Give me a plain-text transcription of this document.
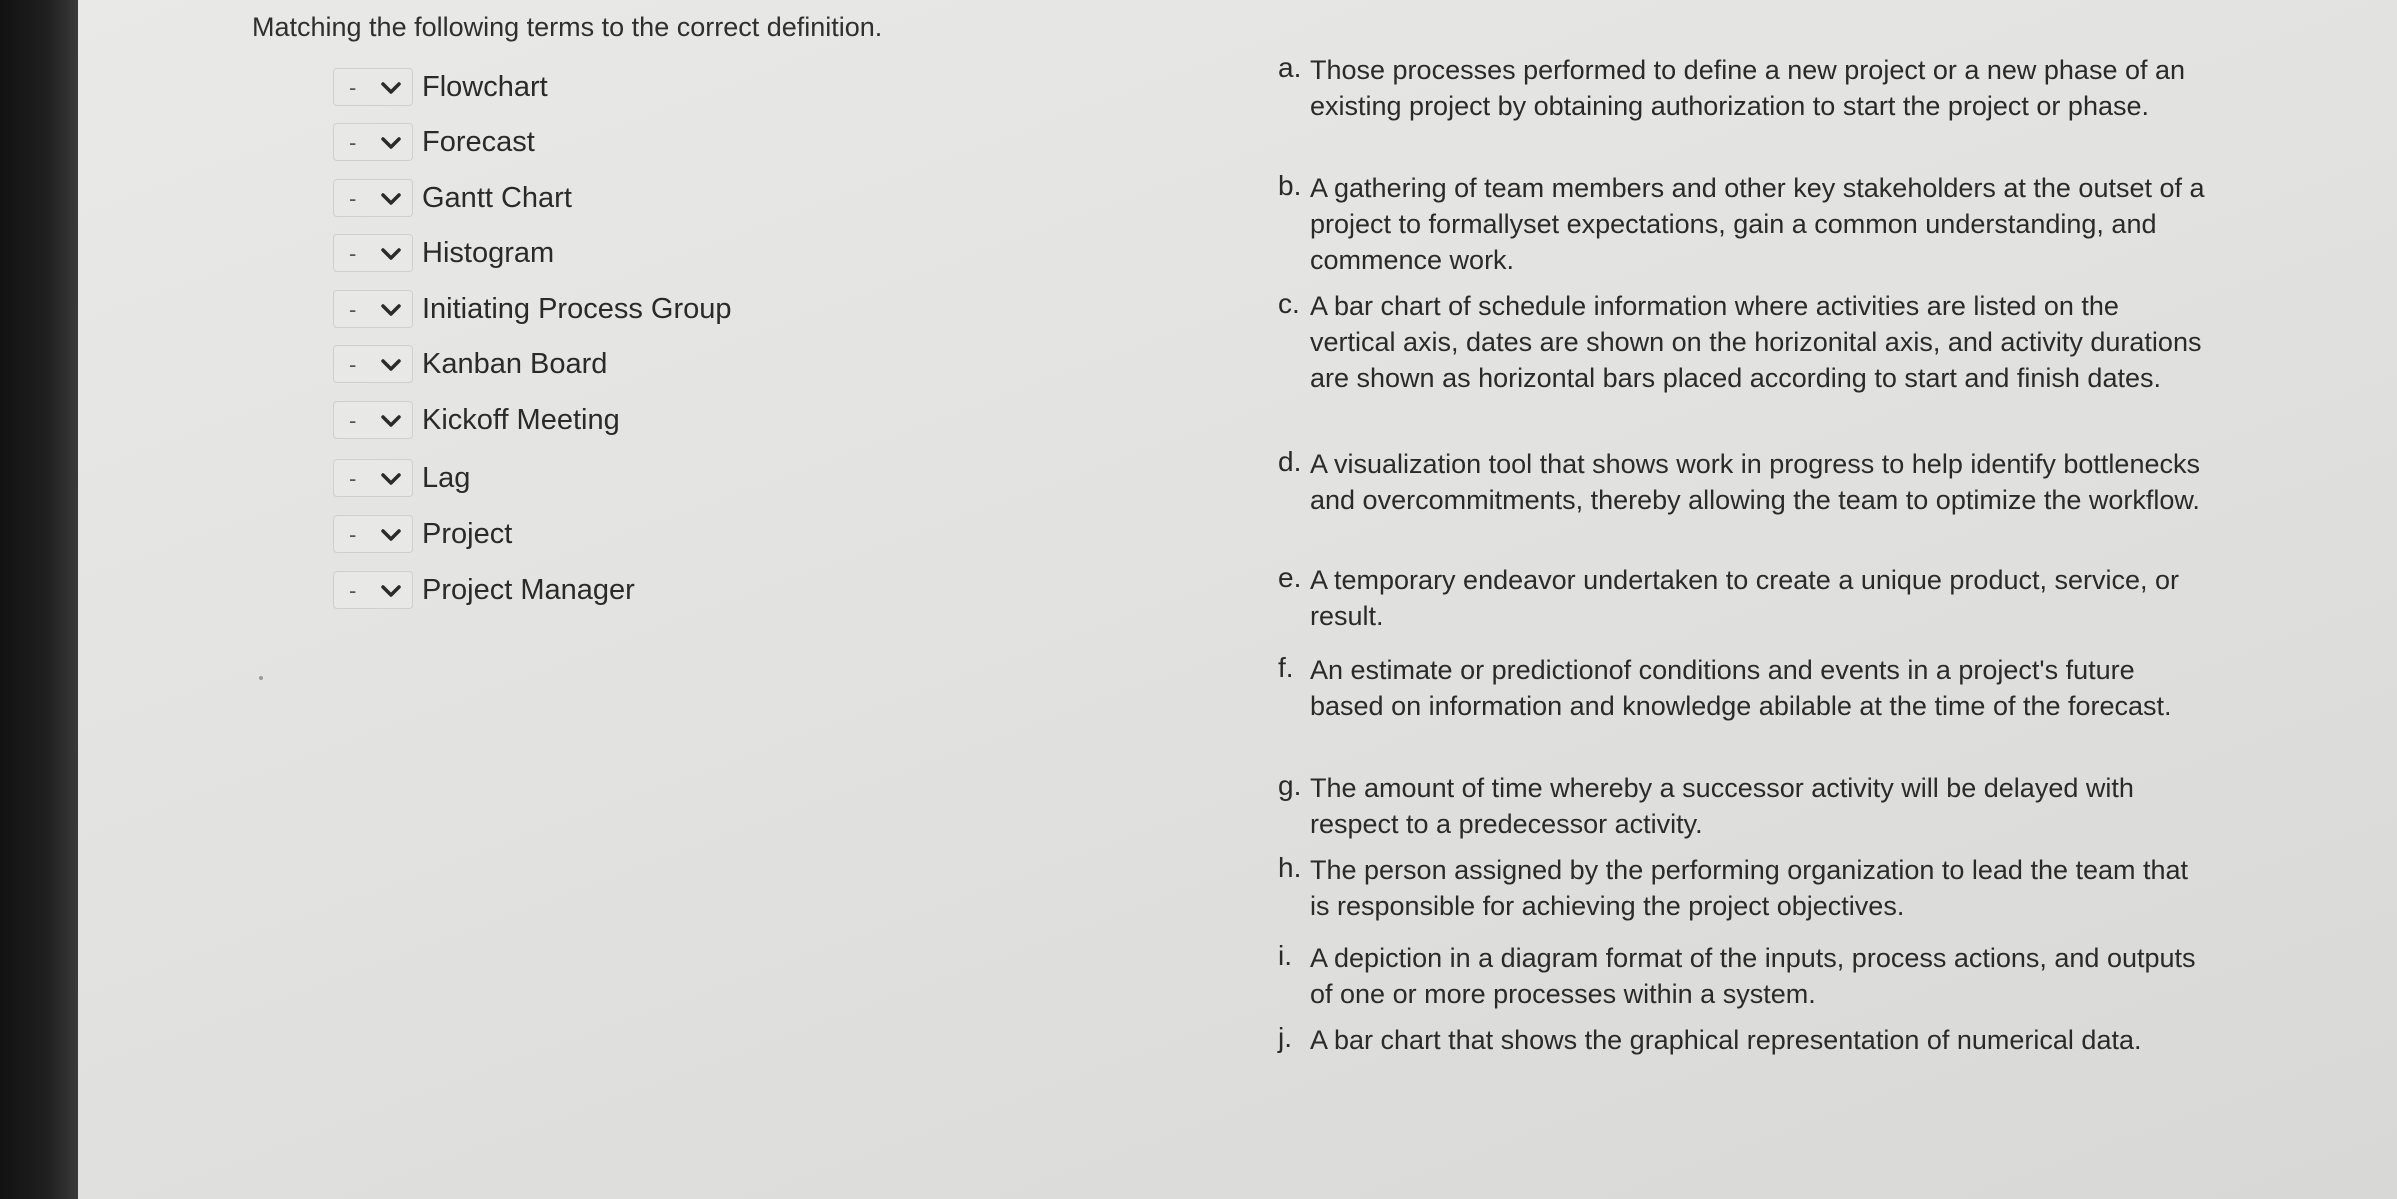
Matching the following terms to the correct definition.
- Flowchart
- Forecast
- Gantt Chart
- Histogram
- Initiating Process Group
- Kanban Board
- Kickoff Meeting
- Lag
- Project
- Project Manager
a. Those processes performed to define a new project or a new phase of an existing project by obtaining authorization to start the project or phase.
b. A gathering of team members and other key stakeholders at the outset of a project to formallyset expectations, gain a common understanding, and commence work.
c. A bar chart of schedule information where activities are listed on the vertical axis, dates are shown on the horizonital axis, and activity durations are shown as horizontal bars placed according to start and finish dates.
d. A visualization tool that shows work in progress to help identify bottlenecks and overcommitments, thereby allowing the team to optimize the workflow.
e. A temporary endeavor undertaken to create a unique product, service, or result.
f. An estimate or predictionof conditions and events in a project's future based on information and knowledge abilable at the time of the forecast.
g. The amount of time whereby a successor activity will be delayed with respect to a predecessor activity.
h. The person assigned by the performing organization to lead the team that is responsible for achieving the project objectives.
i. A depiction in a diagram format of the inputs, process actions, and outputs of one or more processes within a system.
j. A bar chart that shows the graphical representation of numerical data.
